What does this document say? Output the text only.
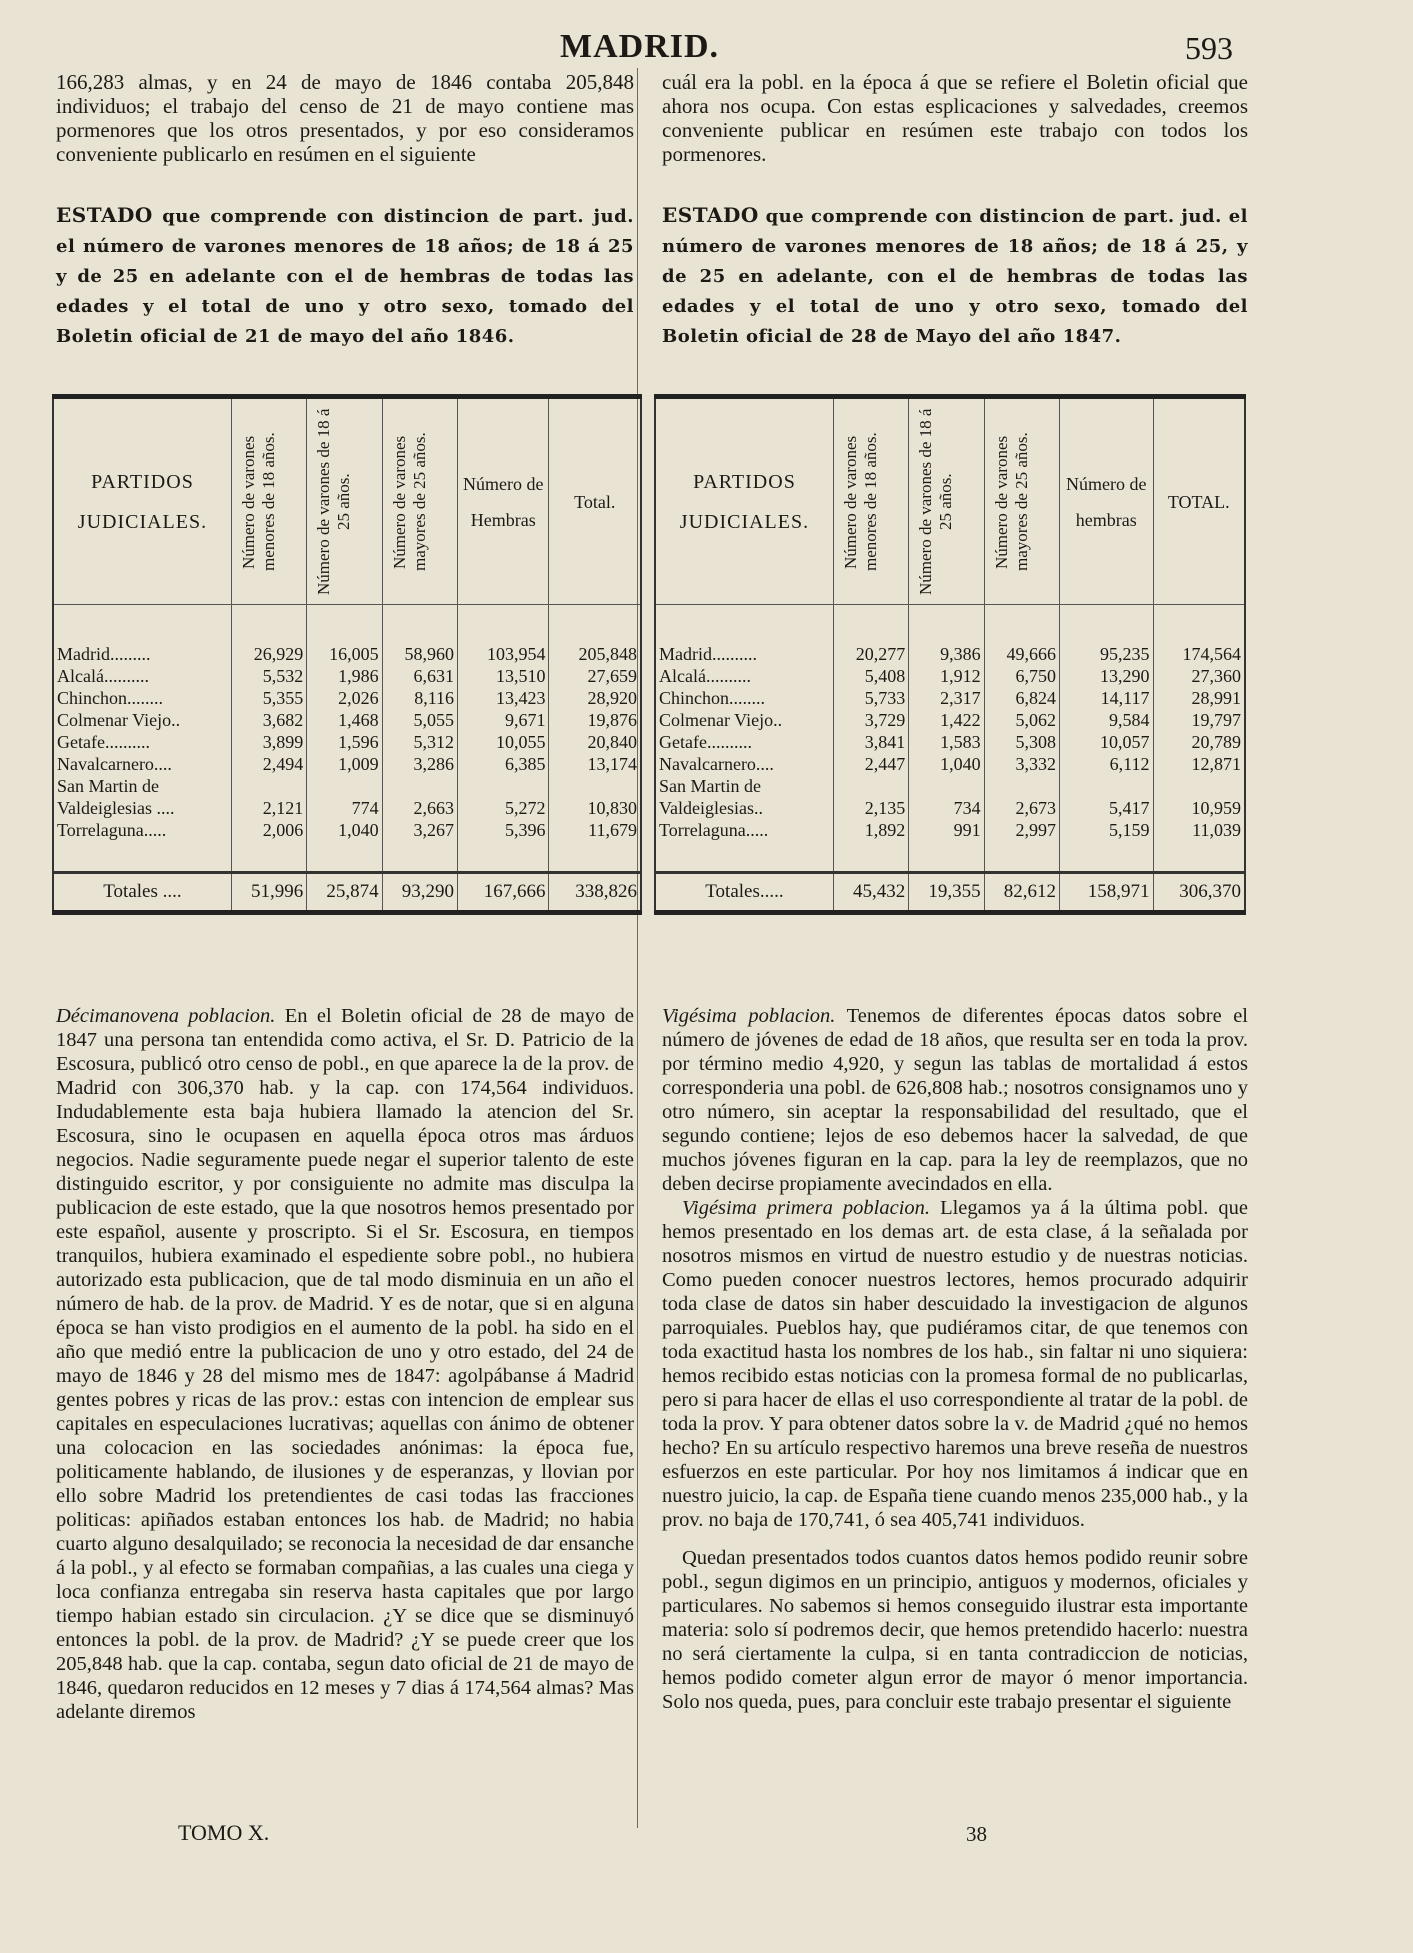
MADRID.	593

166,283 almas, y en 24 de mayo de 1846 contaba 205,848 individuos; el trabajo del censo de 21 de mayo contiene mas pormenores que los otros presentados, y por eso consideramos conveniente publicarlo en resúmen en el siguiente

ESTADO que comprende con distincion de part. jud. el número de varones menores de 18 años; de 18 á 25 y de 25 en adelante con el de hembras de todas las edades y el total de uno y otro sexo, tomado del Boletin oficial de 21 de mayo del año 1846.
PARTIDOS JUDICIALES.	Número de varones menores de 18 años.	Número de varones de 18 á 25 años.	Número de varones mayores de 25 años.	Número de Hembras	Total.

Madrid.........	26,929	16,005	58,960	103,954	205,848
Alcalá..........	5,532	1,986	6,631	13,510	27,659
Chinchon........	5,355	2,026	8,116	13,423	28,920
Colmenar Viejo..	3,682	1,468	5,055	9,671	19,876
Getafe..........	3,899	1,596	5,312	10,055	20,840
Navalcarnero....	2,494	1,009	3,286	6,385	13,174
San Martin de Valdeiglesias ....	2,121	774	2,663	5,272	10,830
Torrelaguna.....	2,006	1,040	3,267	5,396	11,679

Totales ....	51,996	25,874	93,290	167,666	338,826

Décimanovena poblacion. En el Boletin oficial de 28 de mayo de 1847 una persona tan entendida como activa, el Sr. D. Patricio de la Escosura, publicó otro censo de pobl., en que aparece la de la prov. de Madrid con 306,370 hab. y la cap. con 174,564 individuos. Indudablemente esta baja hubiera llamado la atencion del Sr. Escosura, sino le ocupasen en aquella época otros mas árduos negocios. Nadie seguramente puede negar el superior talento de este distinguido escritor, y por consiguiente no admite mas disculpa la publicacion de este estado, que la que nosotros hemos presentado por este español, ausente y proscripto. Si el Sr. Escosura, en tiempos tranquilos, hubiera examinado el espediente sobre pobl., no hubiera autorizado esta publicacion, que de tal modo disminuia en un año el número de hab. de la prov. de Madrid. Y es de notar, que si en alguna época se han visto prodigios en el aumento de la pobl. ha sido en el año que medió entre la publicacion de uno y otro estado, del 24 de mayo de 1846 y 28 del mismo mes de 1847: agolpábanse á Madrid gentes pobres y ricas de las prov.: estas con intencion de emplear sus capitales en especulaciones lucrativas; aquellas con ánimo de obtener una colocacion en las sociedades anónimas: la época fue, politicamente hablando, de ilusiones y de esperanzas, y llovian por ello sobre Madrid los pretendientes de casi todas las fracciones politicas: apiñados estaban entonces los hab. de Madrid; no habia cuarto alguno desalquilado; se reconocia la necesidad de dar ensanche á la pobl., y al efecto se formaban compañias, a las cuales una ciega y loca confianza entregaba sin reserva hasta capitales que por largo tiempo habian estado sin circulacion. ¿Y se dice que se disminuyó entonces la pobl. de la prov. de Madrid? ¿Y se puede creer que los 205,848 hab. que la cap. contaba, segun dato oficial de 21 de mayo de 1846, quedaron reducidos en 12 meses y 7 dias á 174,564 almas? Mas adelante diremos

cuál era la pobl. en la época á que se refiere el Boletin oficial que ahora nos ocupa. Con estas esplicaciones y salvedades, creemos conveniente publicar en resúmen este trabajo con todos los pormenores.

ESTADO que comprende con distincion de part. jud. el número de varones menores de 18 años; de 18 á 25, y de 25 en adelante, con el de hembras de todas las edades y el total de uno y otro sexo, tomado del Boletin oficial de 28 de Mayo del año 1847.
PARTIDOS JUDICIALES.	Número de varones menores de 18 años.	Número de varones de 18 á 25 años.	Número de varones mayores de 25 años.	Número de hembras	TOTAL.

Madrid..........	20,277	9,386	49,666	95,235	174,564
Alcalá..........	5,408	1,912	6,750	13,290	27,360
Chinchon........	5,733	2,317	6,824	14,117	28,991
Colmenar Viejo..	3,729	1,422	5,062	9,584	19,797
Getafe..........	3,841	1,583	5,308	10,057	20,789
Navalcarnero....	2,447	1,040	3,332	6,112	12,871
San Martin de Valdeiglesias..	2,135	734	2,673	5,417	10,959
Torrelaguna.....	1,892	991	2,997	5,159	11,039

Totales.....	45,432	19,355	82,612	158,971	306,370

Vigésima poblacion. Tenemos de diferentes épocas datos sobre el número de jóvenes de edad de 18 años, que resulta ser en toda la prov. por término medio 4,920, y segun las tablas de mortalidad á estos corresponderia una pobl. de 626,808 hab.; nosotros consignamos uno y otro número, sin aceptar la responsabilidad del resultado, que el segundo contiene; lejos de eso debemos hacer la salvedad, de que muchos jóvenes figuran en la cap. para la ley de reemplazos, que no deben decirse propiamente avecindados en ella.

Vigésima primera poblacion. Llegamos ya á la última pobl. que hemos presentado en los demas art. de esta clase, á la señalada por nosotros mismos en virtud de nuestro estudio y de nuestras noticias. Como pueden conocer nuestros lectores, hemos procurado adquirir toda clase de datos sin haber descuidado la investigacion de algunos parroquiales. Pueblos hay, que pudiéramos citar, de que tenemos con toda exactitud hasta los nombres de los hab., sin faltar ni uno siquiera: hemos recibido estas noticias con la promesa formal de no publicarlas, pero si para hacer de ellas el uso correspondiente al tratar de la pobl. de toda la prov. Y para obtener datos sobre la v. de Madrid ¿qué no hemos hecho? En su artículo respectivo haremos una breve reseña de nuestros esfuerzos en este particular. Por hoy nos limitamos á indicar que en nuestro juicio, la cap. de España tiene cuando menos 235,000 hab., y la prov. no baja de 170,741, ó sea 405,741 individuos.

Quedan presentados todos cuantos datos hemos podido reunir sobre pobl., segun digimos en un principio, antiguos y modernos, oficiales y particulares. No sabemos si hemos conseguido ilustrar esta importante materia: solo sí podremos decir, que hemos pretendido hacerlo: nuestra no será ciertamente la culpa, si en tanta contradiccion de noticias, hemos podido cometer algun error de mayor ó menor importancia. Solo nos queda, pues, para concluir este trabajo presentar el siguiente

TOMO X.	38
